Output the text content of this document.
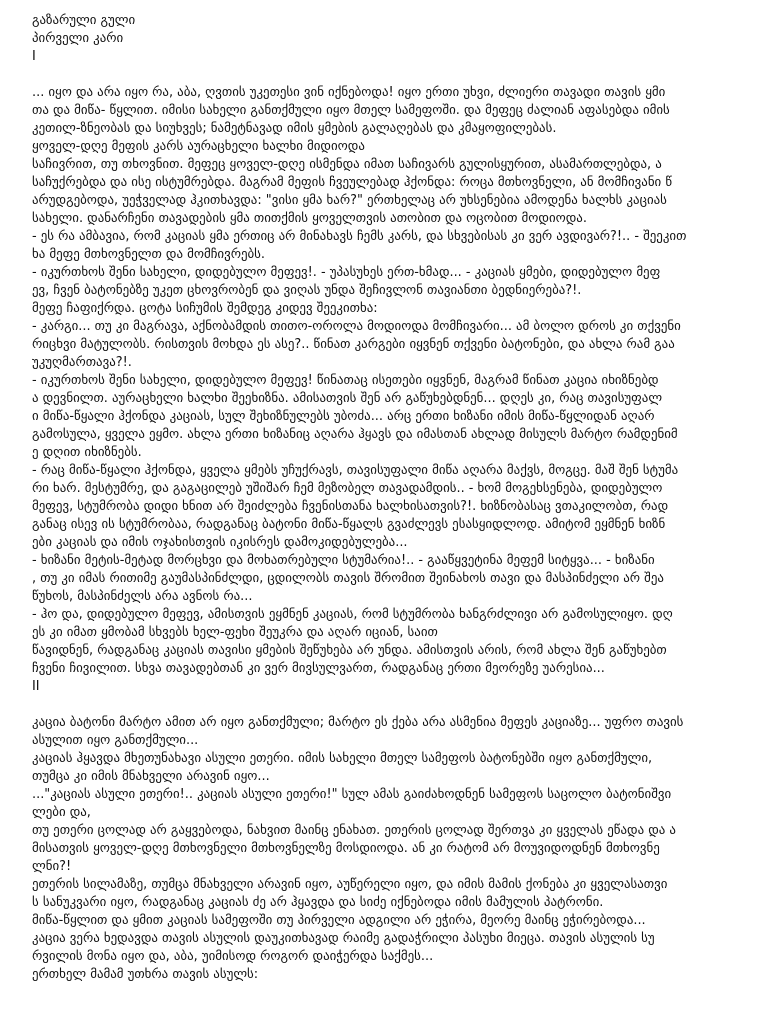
გაზარული გული
პირველი კარი
I
... იყო და არა იყო რა, აბა, ღვთის უკეთესი ვინ იქნებოდა! იყო ერთი უხვი, ძლიერი თავადი თავის ყმი
თა და მიწა- წყლით. იმისი სახელი განთქმული იყო მთელ სამეფოში. და მეფეც ძალიან აფასებდა იმის
კეთილ-ზნეობას და სიუხვეს; ნამეტნავად იმის ყმების გალაღებას და კმაყოფილებას.
ყოველ-დღე მეფის კარს აურაცხელი ხალხი მიდიოდა
საჩივრით, თუ თხოვნით. მეფეც ყოველ-დღე ისმენდა იმათ საჩივარს გულისყურით, ასამართლებდა, ა
საჩუქრებდა და ისე ისტუმრებდა. მაგრამ მეფის ჩვეულებად ჰქონდა: როცა მთხოვნელი, ან მომჩივანი წ
არუდგებოდა, უეჭველად ჰკითხავდა: "ვისი ყმა ხარ?" ერთხელაც არ უხსენებია ამოდენა ხალხს კაციას
სახელი. დანარჩენი თავადების ყმა თითქმის ყოველთვის ათობით და ოცობით მოდიოდა.
- ეს რა ამბავია, რომ კაციას ყმა ერთიც არ მინახავს ჩემს კარს, და სხვებისას კი ვერ ავდივარ?!.. - შეეკით
ხა მეფე მთხოვნელთ და მომჩივრებს.
- იკურთხოს შენი სახელი, დიდებულო მეფევ!. - უპასუხეს ერთ-ხმად... - კაციას ყმები, დიდებულო მეფ
ევ, ჩვენ ბატონებზე უკეთ ცხოვრობენ და ვიღას უნდა შეჩივლონ თავიანთი ბედნიერება?!.
მეფე ჩაფიქრდა. ცოტა სიჩუმის შემდეგ კიდევ შეეკითხა:
- კარგი... თუ კი მაგრავა, აქნობამდის თითო-ოროლა მოდიოდა მომჩივარი... ამ ბოლო დროს კი თქვენი
რიცხვი მატულობს. რისთვის მოხდა ეს ასე?.. წინათ კარგები იყვნენ თქვენი ბატონები, და ახლა რამ გაა
უკუღმართავა?!.
- იკურთხოს შენი სახელი, დიდებულო მეფევ! წინათაც ისეთები იყვნენ, მაგრამ წინათ კაცია იხიზნებდ
ა დევნილთ. აურაცხელი ხალხი შეეხიზნა. ამისათვის შენ არ გაწუხებდნენ... დღეს კი, რაც თავისუფალ
ი მიწა-წყალი ჰქონდა კაციას, სულ შეხიზნულებს უბოძა... არც ერთი ხიზანი იმის მიწა-წყლიდან აღარ
გამოსულა, ყველა ეყმო. ახლა ერთი ხიზანიც აღარა ჰყავს და იმასთან ახლად მისულს მარტო რამდენიმ
ე დღით იხიზნებს.
- რაც მიწა-წყალი ჰქონდა, ყველა ყმებს უჩუქრავს, თავისუფალი მიწა აღარა მაქვს, მოგცე. მაშ შენ სტუმა
რი ხარ. მესტუმრე, და გაგაცილებ უშიშარ ჩემ მეზობელ თავადამდის.. - ხომ მოგეხსენება, დიდებულო
მეფევ, სტუმრობა დიდი ხნით არ შეიძლება ჩვენისთანა ხალხისათვის?!. ხიზნობასაც ვთაკილობთ, რად
განაც ისევ ის სტუმრობაა, რადგანაც ბატონი მიწა-წყალს გვაძლევს ესასყიდლოდ. ამიტომ ეყმნენ ხიზნ
ები კაციას და იმის ოჯახისთვის იკისრეს დამოკიდებულება...
- ხიზანი მეტის-მეტად მორცხვი და მოხათრებული სტუმარია!.. - გააწყვეტინა მეფემ სიტყვა... - ხიზანი
, თუ კი იმას რითიმე გაუმასპინძლდი, ცდილობს თავის შრომით შეინახოს თავი და მასპინძელი არ შეა
წუხოს, მასპინძელს არა ავნოს რა...
- ჰო და, დიდებულო მეფევ, ამისთვის ეყმნენ კაციას, რომ სტუმრობა ხანგრძლივი არ გამოსულიყო. დღ
ეს კი იმათ ყმობამ სხვებს ხელ-ფეხი შეუკრა და აღარ იციან, საით
წავიდნენ, რადგანაც კაციას თავისი ყმების შეწუხება არ უნდა. ამისთვის არის, რომ ახლა შენ გაწუხებთ
ჩვენი ჩივილით. სხვა თავადებთან კი ვერ მივსულვართ, რადგანაც ერთი მეორეზე უარესია...
II
კაცია ბატონი მარტო ამით არ იყო განთქმული; მარტო ეს ქება არა ასმენია მეფეს კაციაზე... უფრო თავის
ასულით იყო განთქმული...
კაციას ჰყავდა მხეთუნახავი ასული ეთერი. იმის სახელი მთელ სამეფოს ბატონებში იყო განთქმული,
თუმცა კი იმის მნახველი არავინ იყო...
..."კაციას ასული ეთერი!.. კაციას ასული ეთერი!" სულ ამას გაიძახოდნენ სამეფოს საცოლო ბატონიშვი
ლები და,
თუ ეთერი ცოლად არ გაყვებოდა, ნახვით მაინც ენახათ. ეთერის ცოლად შერთვა კი ყველას ეწადა და ა
მისათვის ყოველ-დღე მთხოვნელი მთხოვნელზე მოსდიოდა. ან კი რატომ არ მოუვიდოდნენ მთხოვნე
ლნი?!
ეთერის სილამაზე, თუმცა მნახველი არავინ იყო, აუწერელი იყო, და იმის მამის ქონება კი ყველასათვი
ს სანუკვარი იყო, რადგანაც კაციას ძე არ ჰყავდა და სიძე იქნებოდა იმის მამულის პატრონი.
მიწა-წყლით და ყმით კაციას სამეფოში თუ პირველი ადგილი არ ეჭირა, მეორე მაინც ეჭირებოდა...
კაცია ვერა ხედავდა თავის ასულის დაუკითხავად რაიმე გადაჭრილი პასუხი მიეცა. თავის ასულის სუ
რვილის მონა იყო და, აბა, უიმისოდ როგორ დაიჭერდა საქმეს...
ერთხელ მამამ უთხრა თავის ასულს:
